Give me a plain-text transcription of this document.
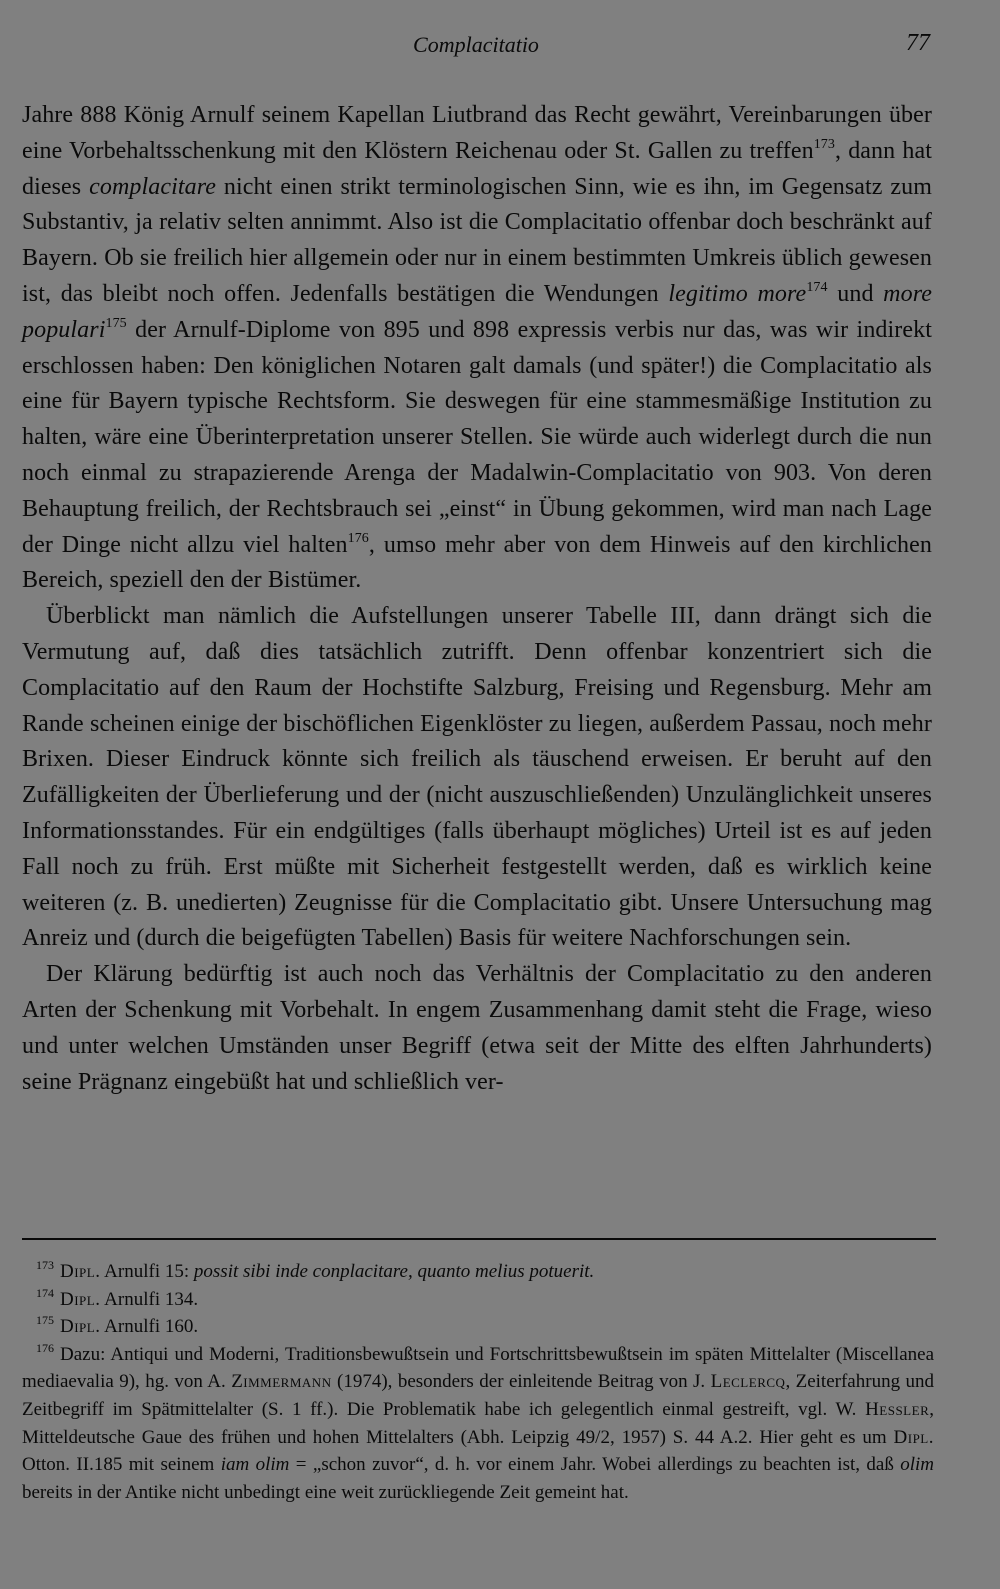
Complacitatio	77

Jahre 888 König Arnulf seinem Kapellan Liutbrand das Recht gewährt, Vereinbarungen über eine Vorbehaltsschenkung mit den Klöstern Reichenau oder St. Gallen zu treffen$^{173}$, dann hat dieses complacitare nicht einen strikt terminologischen Sinn, wie es ihn, im Gegensatz zum Substantiv, ja relativ selten annimmt. Also ist die Complacitatio offenbar doch beschränkt auf Bayern. Ob sie freilich hier allgemein oder nur in einem bestimmten Umkreis üblich gewesen ist, das bleibt noch offen. Jedenfalls bestätigen die Wendungen legitimo more$^{174}$ und more populari$^{175}$ der Arnulf-Diplome von 895 und 898 expressis verbis nur das, was wir indirekt erschlossen haben: Den königlichen Notaren galt damals (und später!) die Complacitatio als eine für Bayern typische Rechtsform. Sie deswegen für eine stammesmäßige Institution zu halten, wäre eine Überinterpretation unserer Stellen. Sie würde auch widerlegt durch die nun noch einmal zu strapazierende Arenga der Madalwin-Complacitatio von 903. Von deren Behauptung freilich, der Rechtsbrauch sei „einst“ in Übung gekommen, wird man nach Lage der Dinge nicht allzu viel halten$^{176}$, umso mehr aber von dem Hinweis auf den kirchlichen Bereich, speziell den der Bistümer.

Überblickt man nämlich die Aufstellungen unserer Tabelle III, dann drängt sich die Vermutung auf, daß dies tatsächlich zutrifft. Denn offenbar konzentriert sich die Complacitatio auf den Raum der Hochstifte Salzburg, Freising und Regensburg. Mehr am Rande scheinen einige der bischöflichen Eigenklöster zu liegen, außerdem Passau, noch mehr Brixen. Dieser Eindruck könnte sich freilich als täuschend erweisen. Er beruht auf den Zufälligkeiten der Überlieferung und der (nicht auszuschließenden) Unzulänglichkeit unseres Informationsstandes. Für ein endgültiges (falls überhaupt mögliches) Urteil ist es auf jeden Fall noch zu früh. Erst müßte mit Sicherheit festgestellt werden, daß es wirklich keine weiteren (z. B. unedierten) Zeugnisse für die Complacitatio gibt. Unsere Untersuchung mag Anreiz und (durch die beigefügten Tabellen) Basis für weitere Nachforschungen sein.

Der Klärung bedürftig ist auch noch das Verhältnis der Complacitatio zu den anderen Arten der Schenkung mit Vorbehalt. In engem Zusammenhang damit steht die Frage, wieso und unter welchen Umständen unser Begriff (etwa seit der Mitte des elften Jahrhunderts) seine Prägnanz eingebüßt hat und schließlich ver-

$^{173}$ Dipl. Arnulfi 15: possit sibi inde conplacitare, quanto melius potuerit.

$^{174}$ Dipl. Arnulfi 134.

$^{175}$ Dipl. Arnulfi 160.

$^{176}$ Dazu: Antiqui und Moderni, Traditionsbewußtsein und Fortschrittsbewußtsein im späten Mittelalter (Miscellanea mediaevalia 9), hg. von A. Zimmermann (1974), besonders der einleitende Beitrag von J. Leclercq, Zeiterfahrung und Zeitbegriff im Spätmittelalter (S. 1 ff.). Die Problematik habe ich gelegentlich einmal gestreift, vgl. W. Hessler, Mitteldeutsche Gaue des frühen und hohen Mittelalters (Abh. Leipzig 49/2, 1957) S. 44 A.2. Hier geht es um Dipl. Otton. II.185 mit seinem iam olim = „schon zuvor“, d. h. vor einem Jahr. Wobei allerdings zu beachten ist, daß olim bereits in der Antike nicht unbedingt eine weit zurückliegende Zeit gemeint hat.
